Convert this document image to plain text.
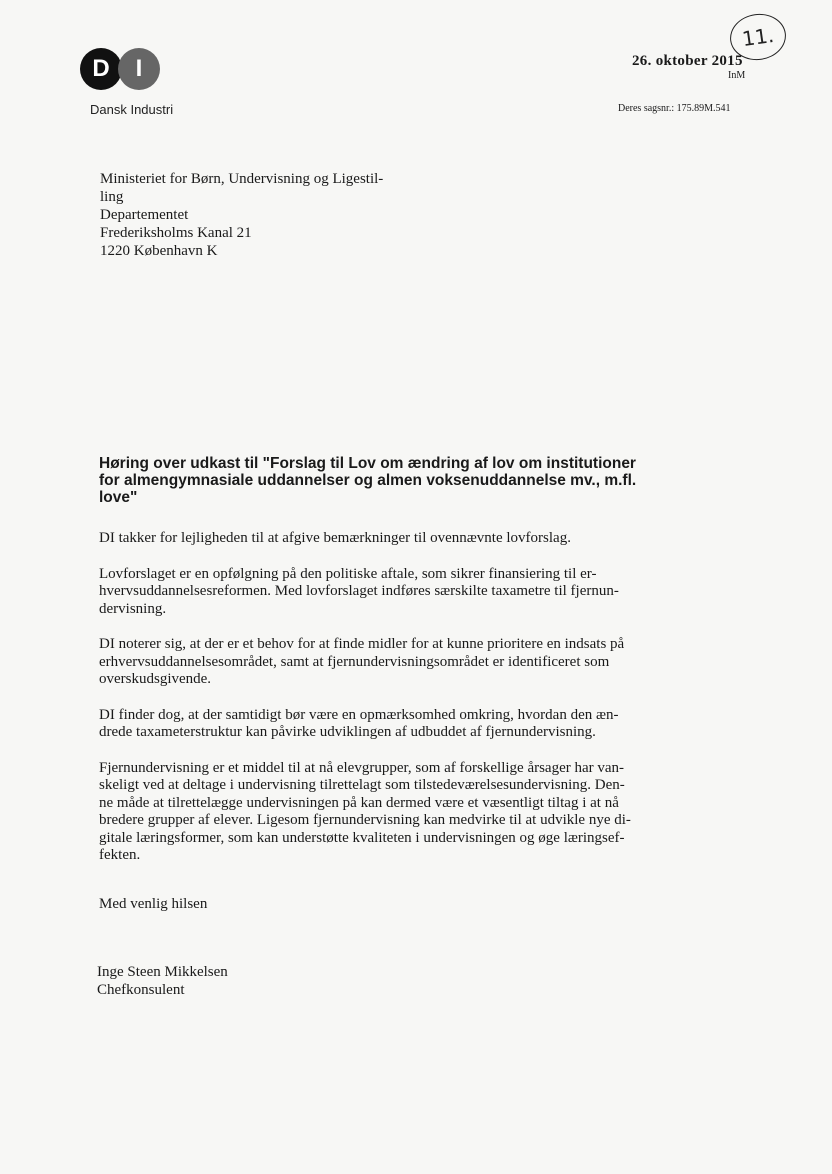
D	I
Dansk Industri
11.
26. oktober 2015
InM
Deres sagsnr.: 175.89M.541
Ministeriet for Børn, Undervisning og Ligestil-
ling
Departementet
Frederiksholms Kanal 21
1220 København K
Høring over udkast til "Forslag til Lov om ændring af lov om institutioner
for almengymnasiale uddannelser og almen voksenuddannelse mv., m.fl.
love"
DI takker for lejligheden til at afgive bemærkninger til ovennævnte lovforslag.
Lovforslaget er en opfølgning på den politiske aftale, som sikrer finansiering til er-
hvervsuddannelsesreformen. Med lovforslaget indføres særskilte taxametre til fjernun-
dervisning.
DI noterer sig, at der er et behov for at finde midler for at kunne prioritere en indsats på
erhvervsuddannelsesområdet, samt at fjernundervisningsområdet er identificeret som
overskudsgivende.
DI finder dog, at der samtidigt bør være en opmærksomhed omkring, hvordan den æn-
drede taxameterstruktur kan påvirke udviklingen af udbuddet af fjernundervisning.
Fjernundervisning er et middel til at nå elevgrupper, som af forskellige årsager har van-
skeligt ved at deltage i undervisning tilrettelagt som tilstedeværelsesundervisning. Den-
ne måde at tilrettelægge undervisningen på kan dermed være et væsentligt tiltag i at nå
bredere grupper af elever. Ligesom fjernundervisning kan medvirke til at udvikle nye di-
gitale læringsformer, som kan understøtte kvaliteten i undervisningen og øge læringsef-
fekten.
Med venlig hilsen
Inge Steen Mikkelsen
Chefkonsulent
